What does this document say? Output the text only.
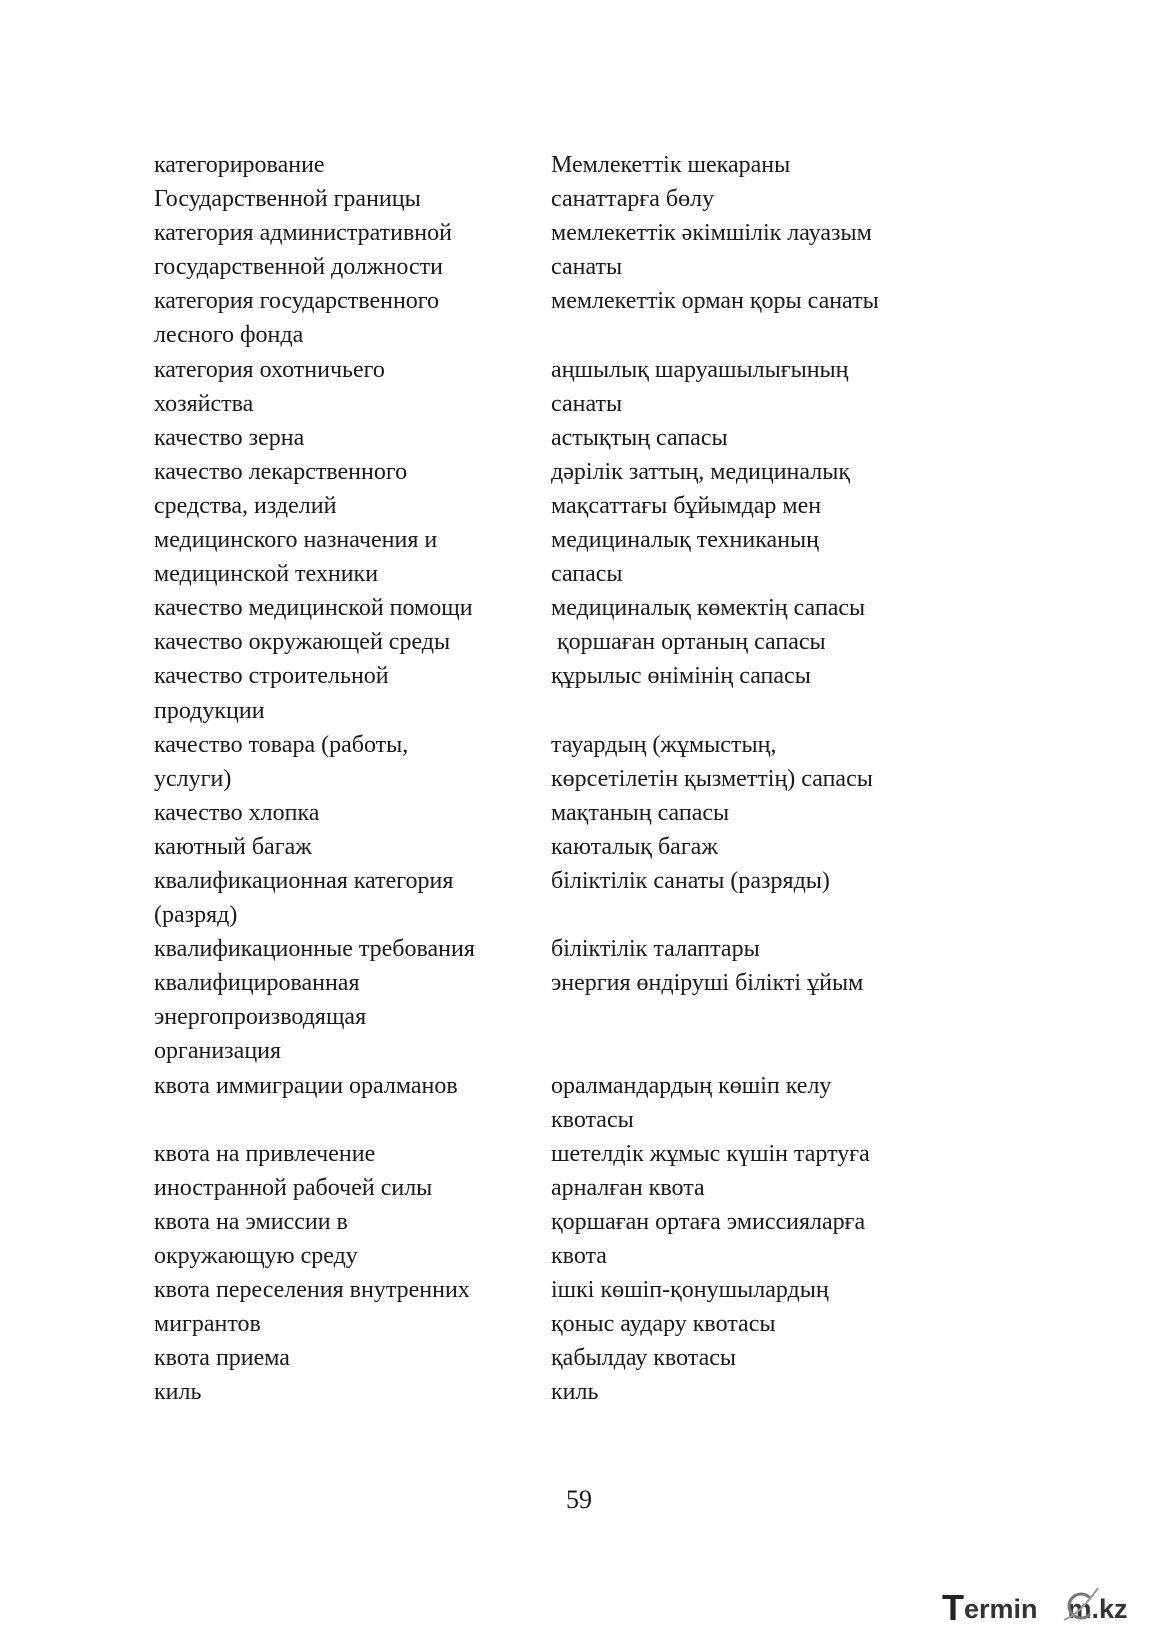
категорирование	Мемлекеттік шекараны
Государственной границы	санаттарға бөлу
категория административной	мемлекеттік әкімшілік лауазым
государственной должности	санаты
категория государственного	мемлекеттік орман қоры санаты
лесного фонда
категория охотничьего	аңшылық шаруашылығының
хозяйства	санаты
качество зерна	астықтың сапасы
качество лекарственного	дәрілік заттың, медициналық
средства, изделий	мақсаттағы бұйымдар мен
медицинского назначения и	медициналық техниканың
медицинской техники	сапасы
качество медицинской помощи	медициналық көмектің сапасы
качество окружающей среды	қоршаған ортаның сапасы
качество строительной	құрылыс өнімінің сапасы
продукции
качество товара (работы,	тауардың (жұмыстың,
услуги)	көрсетілетін қызметтің) сапасы
качество хлопка	мақтаның сапасы
каютный багаж	каюталық багаж
квалификационная категория	біліктілік санаты (разряды)
(разряд)
квалификационные требования	біліктілік талаптары
квалифицированная	энергия өндіруші білікті ұйым
энергопроизводящая
организация
квота иммиграции оралманов	оралмандардың көшіп келу
квотасы
квота на привлечение	шетелдік жұмыс күшін тартуға
иностранной рабочей силы	арналған квота
квота на эмиссии в	қоршаған ортаға эмиссияларға
окружающую среду	квота
квота переселения внутренних	ішкі көшіп-қонушылардың
мигрантов	қоныс аудару квотасы
квота приема	қабылдау квотасы
киль	киль
59
Termin m.kz
